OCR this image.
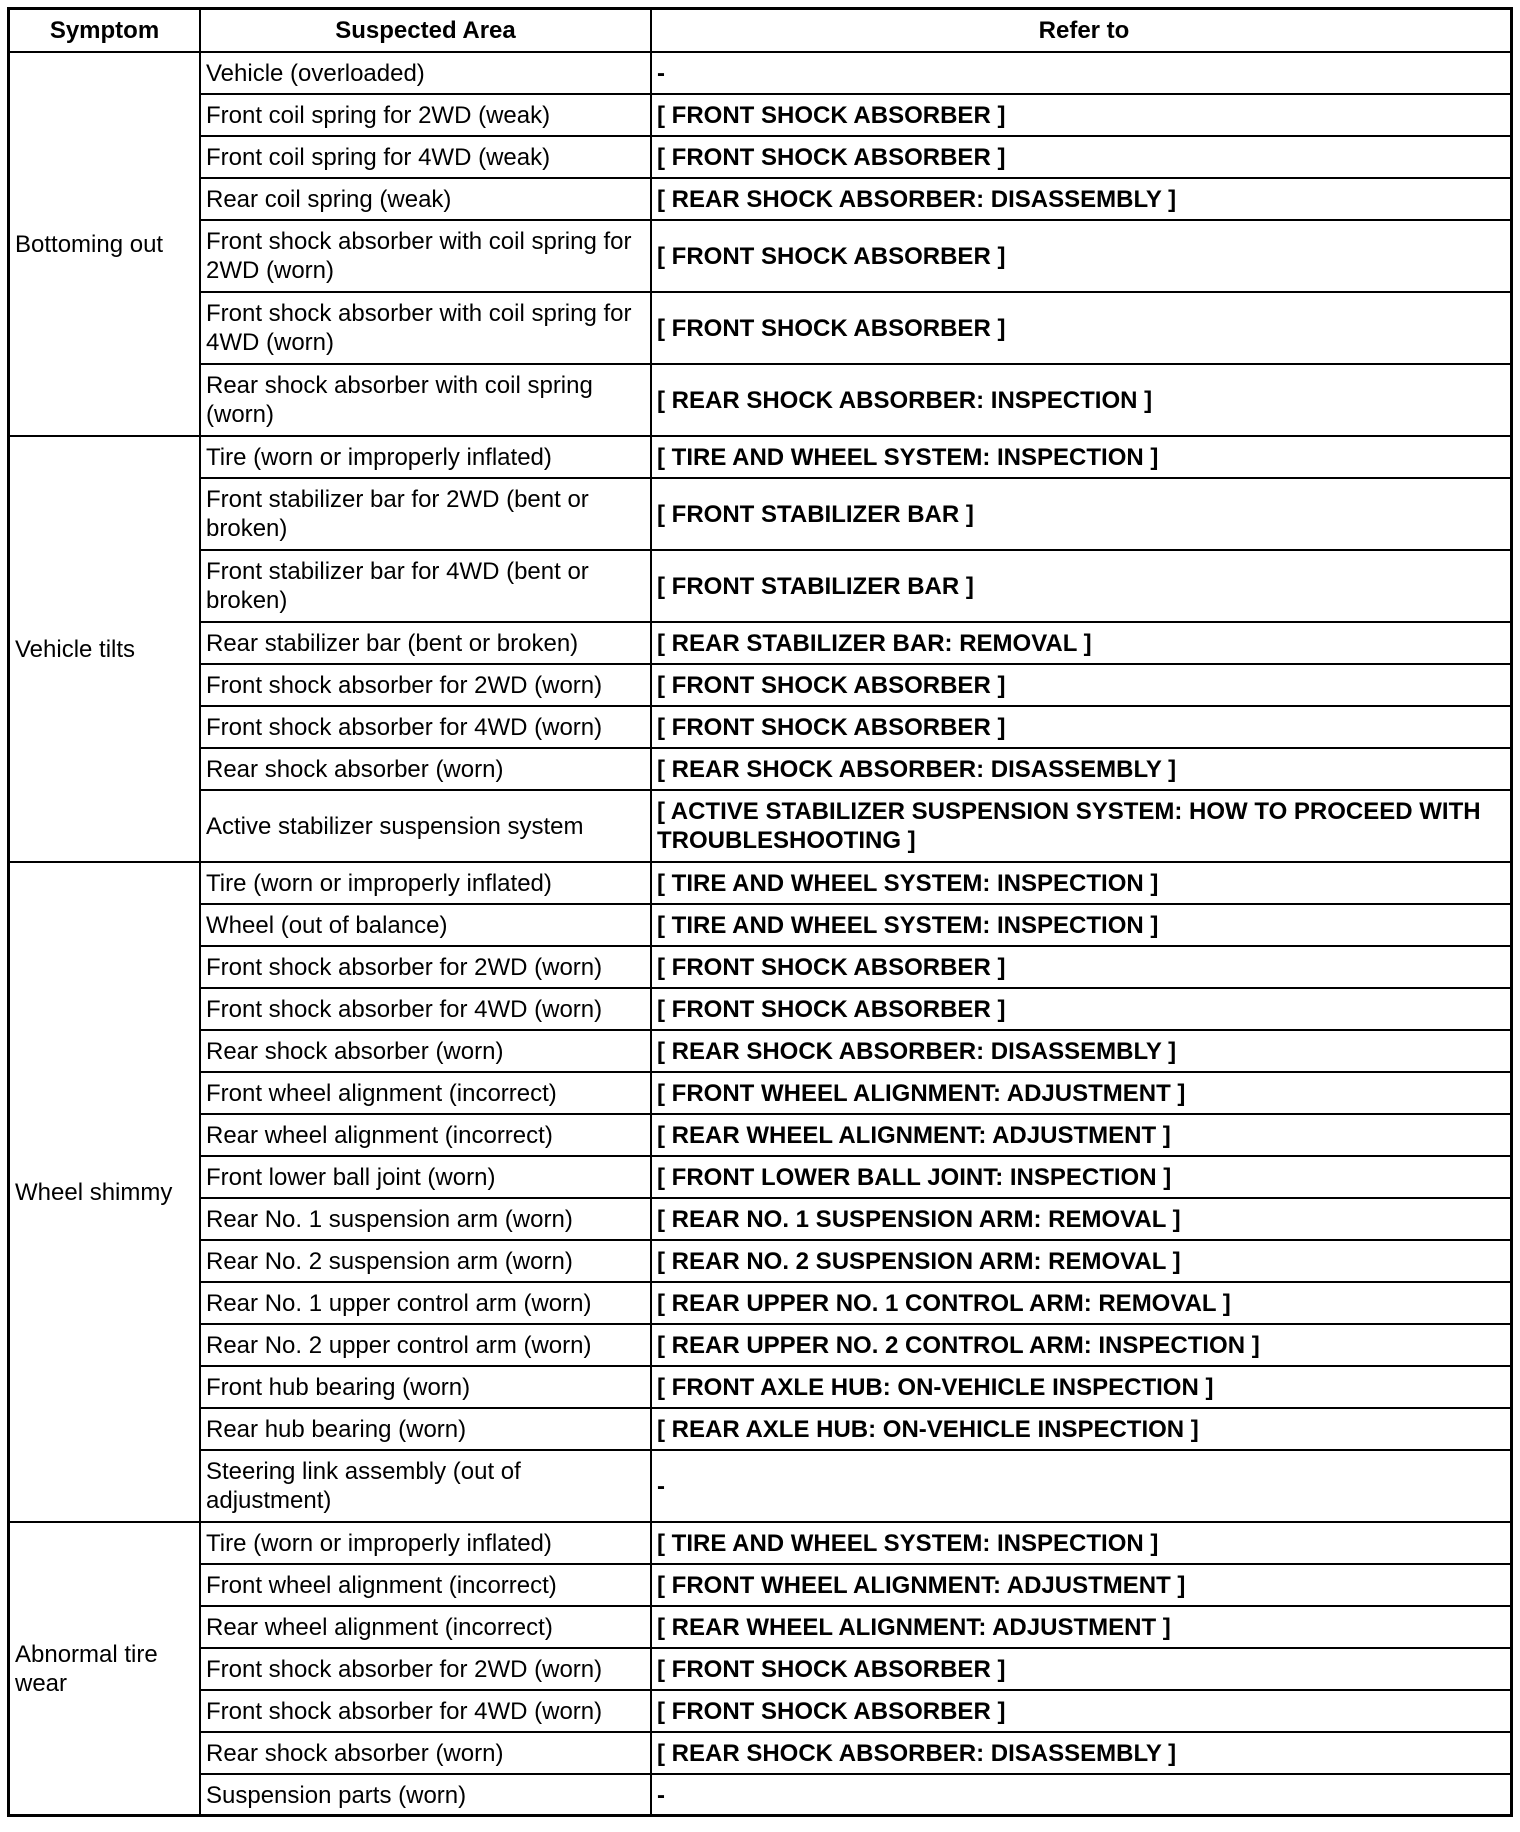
Symptom	Suspected Area	Refer to
Bottoming out	Vehicle (overloaded)	-
	Front coil spring for 2WD (weak)	[ FRONT SHOCK ABSORBER ]
	Front coil spring for 4WD (weak)	[ FRONT SHOCK ABSORBER ]
	Rear coil spring (weak)	[ REAR SHOCK ABSORBER: DISASSEMBLY ]
	Front shock absorber with coil spring for 2WD (worn)	[ FRONT SHOCK ABSORBER ]
	Front shock absorber with coil spring for 4WD (worn)	[ FRONT SHOCK ABSORBER ]
	Rear shock absorber with coil spring (worn)	[ REAR SHOCK ABSORBER: INSPECTION ]
Vehicle tilts	Tire (worn or improperly inflated)	[ TIRE AND WHEEL SYSTEM: INSPECTION ]
	Front stabilizer bar for 2WD (bent or broken)	[ FRONT STABILIZER BAR ]
	Front stabilizer bar for 4WD (bent or broken)	[ FRONT STABILIZER BAR ]
	Rear stabilizer bar (bent or broken)	[ REAR STABILIZER BAR: REMOVAL ]
	Front shock absorber for 2WD (worn)	[ FRONT SHOCK ABSORBER ]
	Front shock absorber for 4WD (worn)	[ FRONT SHOCK ABSORBER ]
	Rear shock absorber (worn)	[ REAR SHOCK ABSORBER: DISASSEMBLY ]
	Active stabilizer suspension system	[ ACTIVE STABILIZER SUSPENSION SYSTEM: HOW TO PROCEED WITH TROUBLESHOOTING ]
Wheel shimmy	Tire (worn or improperly inflated)	[ TIRE AND WHEEL SYSTEM: INSPECTION ]
	Wheel (out of balance)	[ TIRE AND WHEEL SYSTEM: INSPECTION ]
	Front shock absorber for 2WD (worn)	[ FRONT SHOCK ABSORBER ]
	Front shock absorber for 4WD (worn)	[ FRONT SHOCK ABSORBER ]
	Rear shock absorber (worn)	[ REAR SHOCK ABSORBER: DISASSEMBLY ]
	Front wheel alignment (incorrect)	[ FRONT WHEEL ALIGNMENT: ADJUSTMENT ]
	Rear wheel alignment (incorrect)	[ REAR WHEEL ALIGNMENT: ADJUSTMENT ]
	Front lower ball joint (worn)	[ FRONT LOWER BALL JOINT: INSPECTION ]
	Rear No. 1 suspension arm (worn)	[ REAR NO. 1 SUSPENSION ARM: REMOVAL ]
	Rear No. 2 suspension arm (worn)	[ REAR NO. 2 SUSPENSION ARM: REMOVAL ]
	Rear No. 1 upper control arm (worn)	[ REAR UPPER NO. 1 CONTROL ARM: REMOVAL ]
	Rear No. 2 upper control arm (worn)	[ REAR UPPER NO. 2 CONTROL ARM: INSPECTION ]
	Front hub bearing (worn)	[ FRONT AXLE HUB: ON-VEHICLE INSPECTION ]
	Rear hub bearing (worn)	[ REAR AXLE HUB: ON-VEHICLE INSPECTION ]
	Steering link assembly (out of adjustment)	-
Abnormal tire wear	Tire (worn or improperly inflated)	[ TIRE AND WHEEL SYSTEM: INSPECTION ]
	Front wheel alignment (incorrect)	[ FRONT WHEEL ALIGNMENT: ADJUSTMENT ]
	Rear wheel alignment (incorrect)	[ REAR WHEEL ALIGNMENT: ADJUSTMENT ]
	Front shock absorber for 2WD (worn)	[ FRONT SHOCK ABSORBER ]
	Front shock absorber for 4WD (worn)	[ FRONT SHOCK ABSORBER ]
	Rear shock absorber (worn)	[ REAR SHOCK ABSORBER: DISASSEMBLY ]
	Suspension parts (worn)	-
